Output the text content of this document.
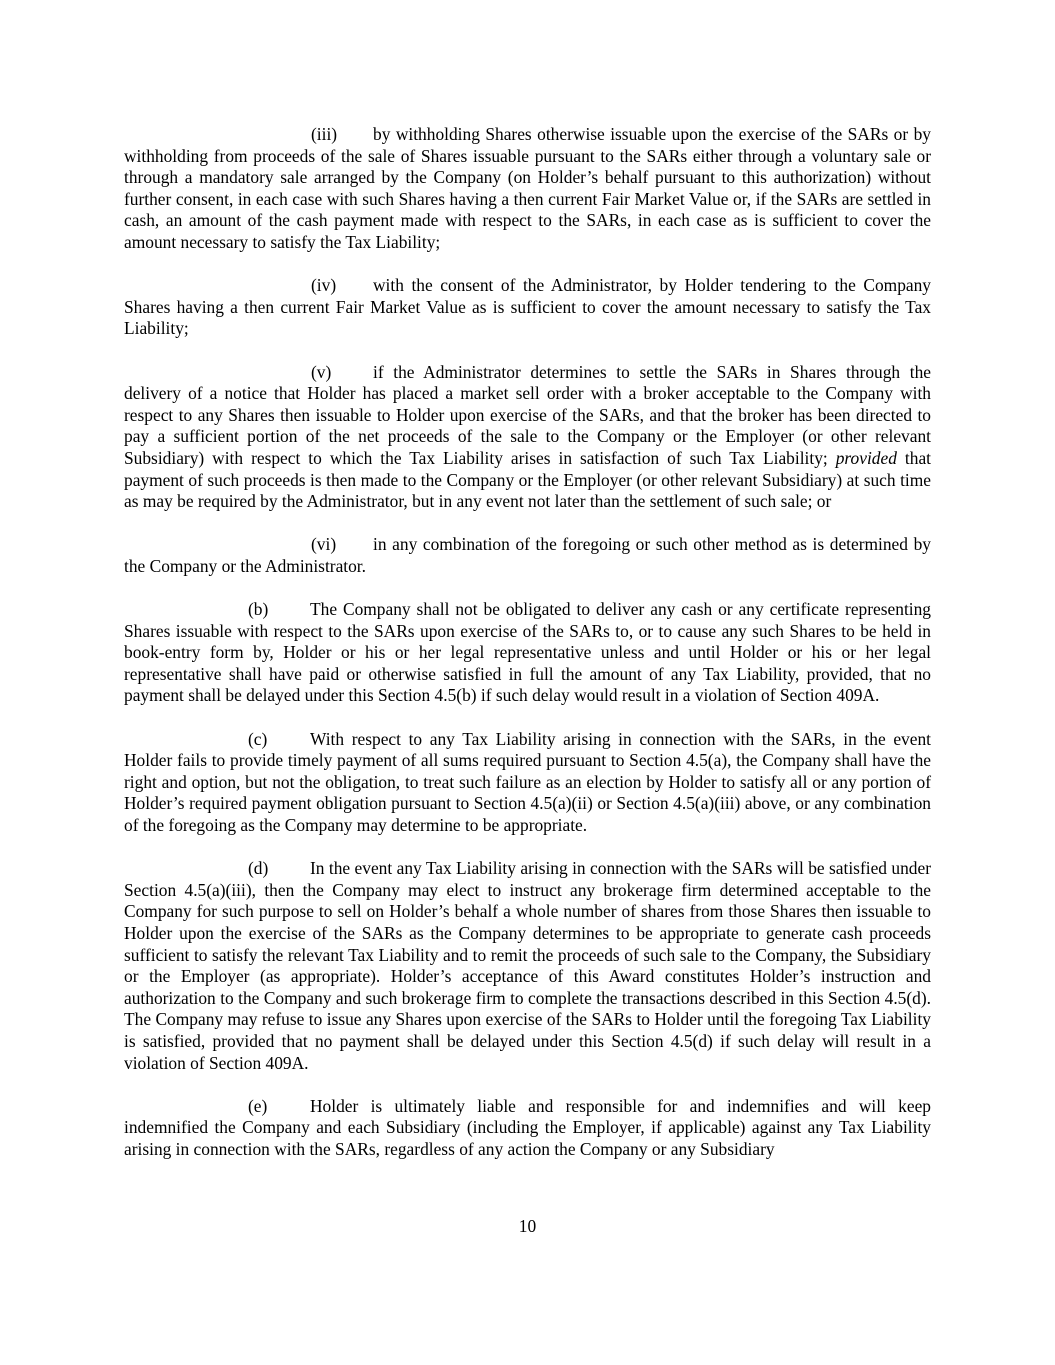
(iii) by withholding Shares otherwise issuable upon the exercise of the SARs or by withholding from proceeds of the sale of Shares issuable pursuant to the SARs either through a voluntary sale or through a mandatory sale arranged by the Company (on Holder’s behalf pursuant to this authorization) without further consent, in each case with such Shares having a then current Fair Market Value or, if the SARs are settled in cash, an amount of the cash payment made with respect to the SARs, in each case as is sufficient to cover the amount necessary to satisfy the Tax Liability;

(iv) with the consent of the Administrator, by Holder tendering to the Company Shares having a then current Fair Market Value as is sufficient to cover the amount necessary to satisfy the Tax Liability;

(v) if the Administrator determines to settle the SARs in Shares through the delivery of a notice that Holder has placed a market sell order with a broker acceptable to the Company with respect to any Shares then issuable to Holder upon exercise of the SARs, and that the broker has been directed to pay a sufficient portion of the net proceeds of the sale to the Company or the Employer (or other relevant Subsidiary) with respect to which the Tax Liability arises in satisfaction of such Tax Liability; provided that payment of such proceeds is then made to the Company or the Employer (or other relevant Subsidiary) at such time as may be required by the Administrator, but in any event not later than the settlement of such sale; or

(vi) in any combination of the foregoing or such other method as is determined by the Company or the Administrator.

(b) The Company shall not be obligated to deliver any cash or any certificate representing Shares issuable with respect to the SARs upon exercise of the SARs to, or to cause any such Shares to be held in book-entry form by, Holder or his or her legal representative unless and until Holder or his or her legal representative shall have paid or otherwise satisfied in full the amount of any Tax Liability, provided, that no payment shall be delayed under this Section 4.5(b) if such delay would result in a violation of Section 409A.

(c) With respect to any Tax Liability arising in connection with the SARs, in the event Holder fails to provide timely payment of all sums required pursuant to Section 4.5(a), the Company shall have the right and option, but not the obligation, to treat such failure as an election by Holder to satisfy all or any portion of Holder’s required payment obligation pursuant to Section 4.5(a)(ii) or Section 4.5(a)(iii) above, or any combination of the foregoing as the Company may determine to be appropriate.

(d) In the event any Tax Liability arising in connection with the SARs will be satisfied under Section 4.5(a)(iii), then the Company may elect to instruct any brokerage firm determined acceptable to the Company for such purpose to sell on Holder’s behalf a whole number of shares from those Shares then issuable to Holder upon the exercise of the SARs as the Company determines to be appropriate to generate cash proceeds sufficient to satisfy the relevant Tax Liability and to remit the proceeds of such sale to the Company, the Subsidiary or the Employer (as appropriate). Holder’s acceptance of this Award constitutes Holder’s instruction and authorization to the Company and such brokerage firm to complete the transactions described in this Section 4.5(d). The Company may refuse to issue any Shares upon exercise of the SARs to Holder until the foregoing Tax Liability is satisfied, provided that no payment shall be delayed under this Section 4.5(d) if such delay will result in a violation of Section 409A.

(e) Holder is ultimately liable and responsible for and indemnifies and will keep indemnified the Company and each Subsidiary (including the Employer, if applicable) against any Tax Liability arising in connection with the SARs, regardless of any action the Company or any Subsidiary

10
